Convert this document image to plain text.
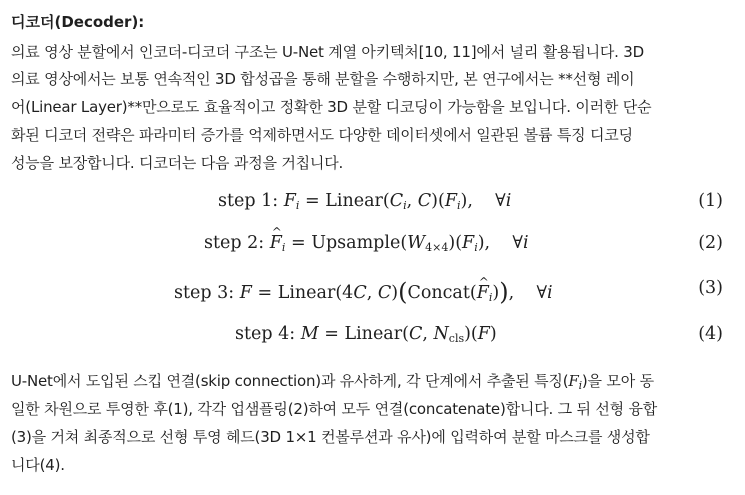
디코더(Decoder):
의료 영상 분할에서 인코더-디코더 구조는 U-Net 계열 아키텍처[10, 11]에서 널리 활용됩니다. 3D
의료 영상에서는 보통 연속적인 3D 합성곱을 통해 분할을 수행하지만, 본 연구에서는 **선형 레이
어(Linear Layer)**만으로도 효율적이고 정확한 3D 분할 디코딩이 가능함을 보입니다. 이러한 단순
화된 디코더 전략은 파라미터 증가를 억제하면서도 다양한 데이터셋에서 일관된 볼륨 특징 디코딩
성능을 보장합니다. 디코더는 다음 과정을 거칩니다.
step 1: $F_i$ = $Linear(C_i$, $C)(F_i)$,    ∀i	(1)
step 2: ^ $F_i$ = $Upsample(W_{4\times 4})(F_i)$,    ∀i	(2)
step 3: F = Linear(4C, C)(Concat(^ $F_i$)),    ∀i	(3)
step 4: M = Linear(C, $N_{cls})(F)$	(4)
U-Net에서 도입된 스킵 연결(skip connection)과 유사하게, 각 단계에서 추출된 특징$(F_i)$을 모아 동
일한 차원으로 투영한 후(1), 각각 업샘플링(2)하여 모두 연결(concatenate)합니다. 그 뒤 선형 융합
(3)을 거쳐 최종적으로 선형 투영 헤드(3D 1×1 컨볼루션과 유사)에 입력하여 분할 마스크를 생성합
니다(4).
